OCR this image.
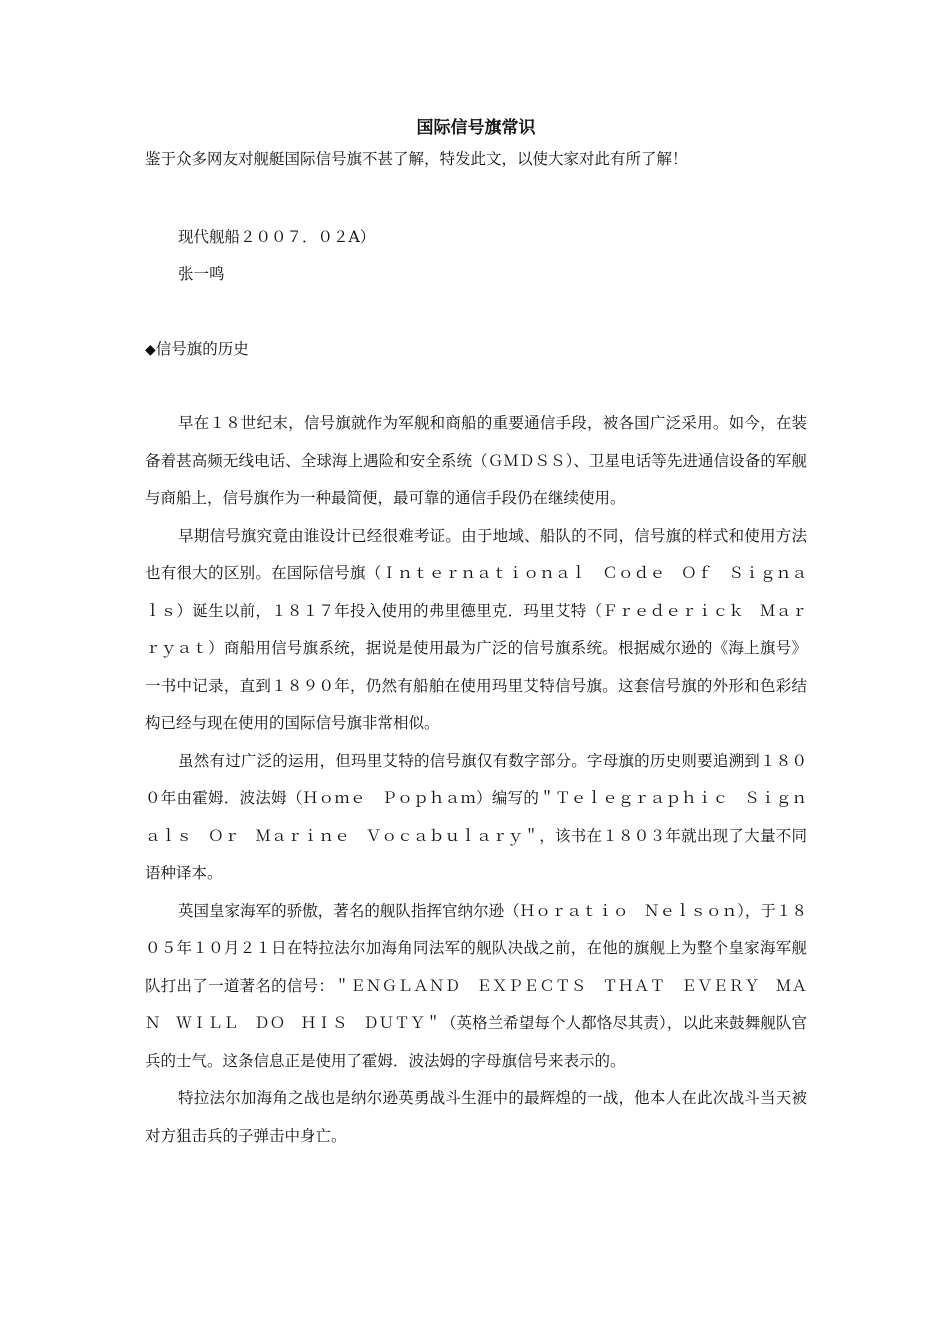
国际信号旗常识

鉴于众多网友对舰艇国际信号旗不甚了解，特发此文，以使大家对此有所了解！

现代舰船２００７．０２A）

张一鸣

◆信号旗的历史

早在１８世纪末，信号旗就作为军舰和商船的重要通信手段，被各国广泛采用。如今，在装备着甚高频无线电话、全球海上遇险和安全系统（ＧＭＤＳＳ）、卫星电话等先进通信设备的军舰与商船上，信号旗作为一种最简便，最可靠的通信手段仍在继续使用。

早期信号旗究竟由谁设计已经很难考证。由于地域、船队的不同，信号旗的样式和使用方法也有很大的区别。在国际信号旗（Ｉｎｔｅｒｎａｔｉｏｎａｌ　Ｃｏｄｅ　Ｏｆ　Ｓｉｇｎａｌｓ）诞生以前，１８１７年投入使用的弗里德里克．玛里艾特（Ｆｒｅｄｅｒｉｃｋ　Ｍａｒｒｙａｔ）商船用信号旗系统，据说是使用最为广泛的信号旗系统。根据威尔逊的《海上旗号》一书中记录，直到１８９０年，仍然有船舶在使用玛里艾特信号旗。这套信号旗的外形和色彩结构已经与现在使用的国际信号旗非常相似。

虽然有过广泛的运用，但玛里艾特的信号旗仅有数字部分。字母旗的历史则要追溯到１８００年由霍姆．波法姆（Ｈｏｍｅ　Ｐｏｐｈａｍ）编写的＂Ｔｅｌｅｇｒａｐｈｉｃ　Ｓｉｇｎａｌｓ　Ｏｒ　Ｍａｒｉｎｅ　Ｖｏｃａｂｕｌａｒｙ＂，该书在１８０３年就出现了大量不同语种译本。

英国皇家海军的骄傲，著名的舰队指挥官纳尔逊（Ｈｏｒａｔｉｏ　Ｎｅｌｓｏｎ），于１８０５年１０月２１日在特拉法尔加海角同法军的舰队决战之前，在他的旗舰上为整个皇家海军舰队打出了一道著名的信号：＂ＥＮＧＬＡＮＤ　ＥＸＰＥＣＴＳ　ＴＨＡＴ　ＥＶＥＲＹ　ＭＡＮ　ＷＩＬＬ　ＤＯ　ＨＩＳ　ＤＵＴＹ＂（英格兰希望每个人都恪尽其责），以此来鼓舞舰队官兵的士气。这条信息正是使用了霍姆．波法姆的字母旗信号来表示的。

特拉法尔加海角之战也是纳尔逊英勇战斗生涯中的最辉煌的一战，他本人在此次战斗当天被对方狙击兵的子弹击中身亡。
